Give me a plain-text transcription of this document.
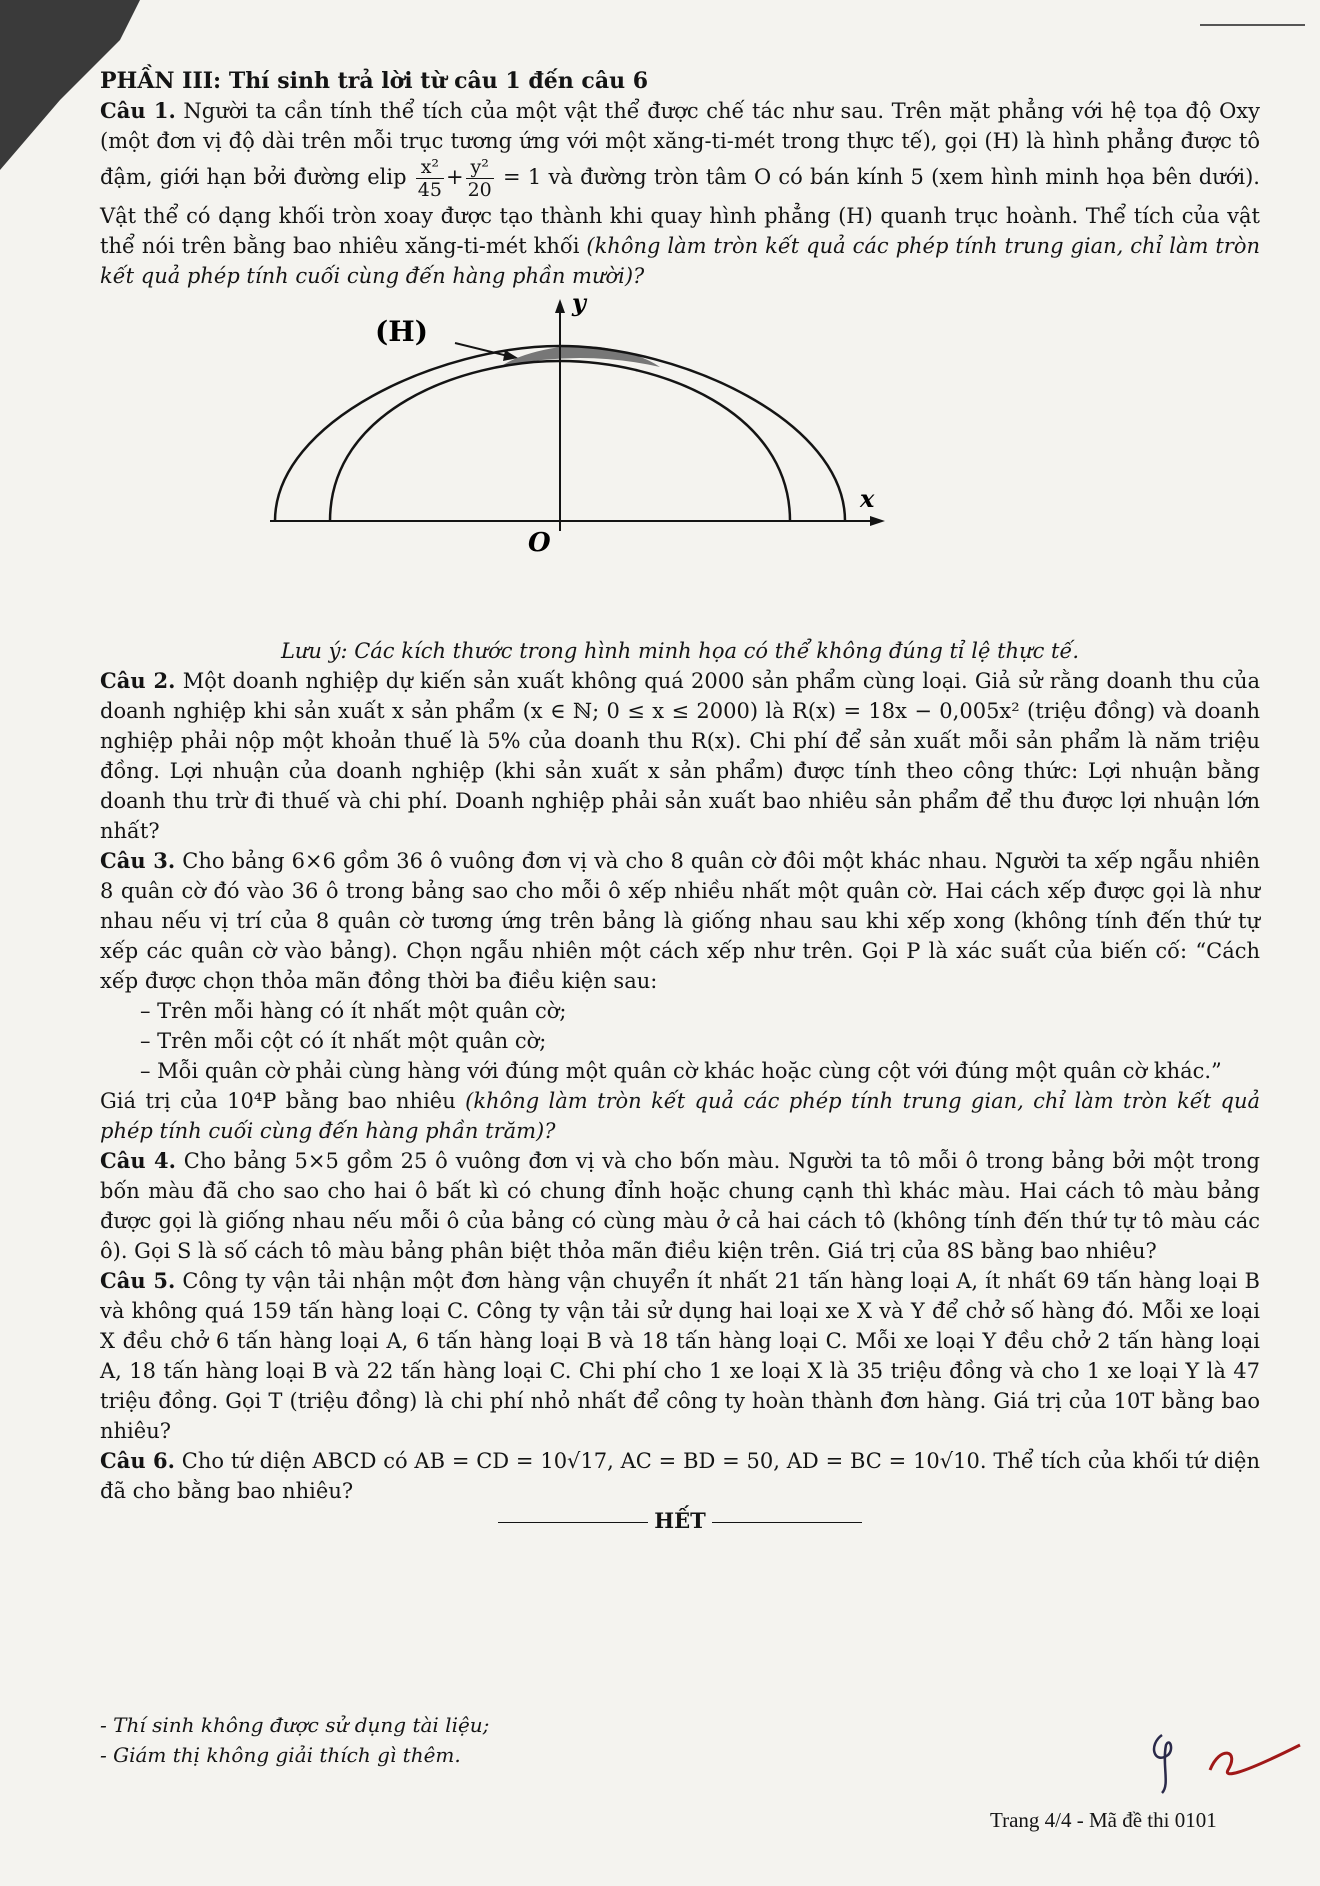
PHẦN III: Thí sinh trả lời từ câu 1 đến câu 6

Câu 1. Người ta cần tính thể tích của một vật thể được chế tác như sau. Trên mặt phẳng với hệ tọa độ Oxy (một đơn vị độ dài trên mỗi trục tương ứng với một xăng-ti-mét trong thực tế), gọi (H) là hình phẳng được tô đậm, giới hạn bởi đường elip $\frac{\text{x²}}{45} + \frac{\text{y²}}{20} = 1$ và đường tròn tâm O có bán kính 5 (xem hình minh họa bên dưới). Vật thể có dạng khối tròn xoay được tạo thành khi quay hình phẳng (H) quanh trục hoành. Thể tích của vật thể nói trên bằng bao nhiêu xăng-ti-mét khối (không làm tròn kết quả các phép tính trung gian, chỉ làm tròn kết quả phép tính cuối cùng đến hàng phần mười)?

(H)
y
x
O

Lưu ý: Các kích thước trong hình minh họa có thể không đúng tỉ lệ thực tế.

Câu 2. Một doanh nghiệp dự kiến sản xuất không quá 2000 sản phẩm cùng loại. Giả sử rằng doanh thu của doanh nghiệp khi sản xuất x sản phẩm (x ∈ ℕ; 0 ≤ x ≤ 2000) là R(x) = 18x − 0,005x² (triệu đồng) và doanh nghiệp phải nộp một khoản thuế là 5% của doanh thu R(x). Chi phí để sản xuất mỗi sản phẩm là năm triệu đồng. Lợi nhuận của doanh nghiệp (khi sản xuất x sản phẩm) được tính theo công thức: Lợi nhuận bằng doanh thu trừ đi thuế và chi phí. Doanh nghiệp phải sản xuất bao nhiêu sản phẩm để thu được lợi nhuận lớn nhất?

Câu 3. Cho bảng 6×6 gồm 36 ô vuông đơn vị và cho 8 quân cờ đôi một khác nhau. Người ta xếp ngẫu nhiên 8 quân cờ đó vào 36 ô trong bảng sao cho mỗi ô xếp nhiều nhất một quân cờ. Hai cách xếp được gọi là như nhau nếu vị trí của 8 quân cờ tương ứng trên bảng là giống nhau sau khi xếp xong (không tính đến thứ tự xếp các quân cờ vào bảng). Chọn ngẫu nhiên một cách xếp như trên. Gọi P là xác suất của biến cố: “Cách xếp được chọn thỏa mãn đồng thời ba điều kiện sau:

– Trên mỗi hàng có ít nhất một quân cờ;

– Trên mỗi cột có ít nhất một quân cờ;

– Mỗi quân cờ phải cùng hàng với đúng một quân cờ khác hoặc cùng cột với đúng một quân cờ khác.”

Giá trị của 10⁴P bằng bao nhiêu (không làm tròn kết quả các phép tính trung gian, chỉ làm tròn kết quả phép tính cuối cùng đến hàng phần trăm)?

Câu 4. Cho bảng 5×5 gồm 25 ô vuông đơn vị và cho bốn màu. Người ta tô mỗi ô trong bảng bởi một trong bốn màu đã cho sao cho hai ô bất kì có chung đỉnh hoặc chung cạnh thì khác màu. Hai cách tô màu bảng được gọi là giống nhau nếu mỗi ô của bảng có cùng màu ở cả hai cách tô (không tính đến thứ tự tô màu các ô). Gọi S là số cách tô màu bảng phân biệt thỏa mãn điều kiện trên. Giá trị của 8S bằng bao nhiêu?

Câu 5. Công ty vận tải nhận một đơn hàng vận chuyển ít nhất 21 tấn hàng loại A, ít nhất 69 tấn hàng loại B và không quá 159 tấn hàng loại C. Công ty vận tải sử dụng hai loại xe X và Y để chở số hàng đó. Mỗi xe loại X đều chở 6 tấn hàng loại A, 6 tấn hàng loại B và 18 tấn hàng loại C. Mỗi xe loại Y đều chở 2 tấn hàng loại A, 18 tấn hàng loại B và 22 tấn hàng loại C. Chi phí cho 1 xe loại X là 35 triệu đồng và cho 1 xe loại Y là 47 triệu đồng. Gọi T (triệu đồng) là chi phí nhỏ nhất để công ty hoàn thành đơn hàng. Giá trị của 10T bằng bao nhiêu?

Câu 6. Cho tứ diện ABCD có AB = CD = 10√17, AC = BD = 50, AD = BC = 10√10. Thể tích của khối tứ diện đã cho bằng bao nhiêu?

HẾT

- Thí sinh không được sử dụng tài liệu;
- Giám thị không giải thích gì thêm.
Trang 4/4 - Mã đề thi 0101
